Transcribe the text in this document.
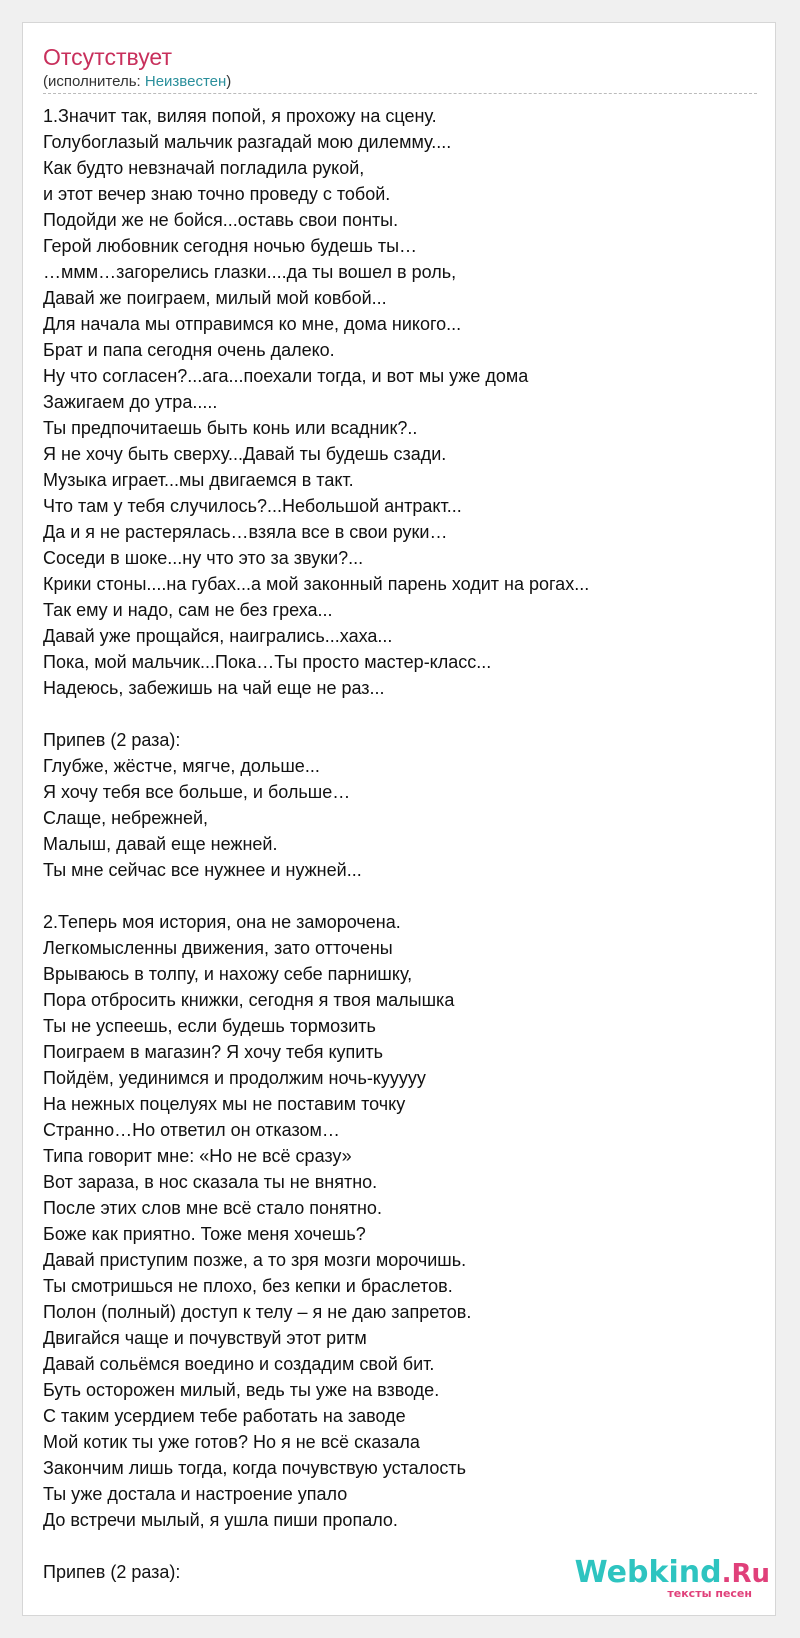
Отсутствует
(исполнитель: Неизвестен)
1.Значит так, виляя попой, я прохожу на сцену.
Голубоглазый мальчик разгадай мою дилемму....
Как будто невзначай погладила рукой,
и этот вечер знаю точно проведу с тобой.
Подойди же не бойся...оставь свои понты.
Герой любовник сегодня ночью будешь ты…
…ммм…загорелись глазки....да ты вошел в роль,
Давай же поиграем, милый мой ковбой...
Для начала мы отправимся ко мне, дома никого...
Брат и папа сегодня очень далеко.
Ну что согласен?...ага...поехали тогда, и вот мы уже дома
Зажигаем до утра.....
Ты предпочитаешь быть конь или всадник?..
Я не хочу быть сверху...Давай ты будешь сзади.
Музыка играет...мы двигаемся в такт.
Что там у тебя случилось?...Небольшой антракт...
Да и я не растерялась…взяла все в свои руки…
Соседи в шоке...ну что это за звуки?...
Крики стоны....на губах...а мой законный парень ходит на рогах...
Так ему и надо, сам не без греха...
Давай уже прощайся, наигрались...хаха...
Пока, мой мальчик...Пока…Ты просто мастер-класс...
Надеюсь, забежишь на чай еще не раз...
Припев (2 раза):
Глубже, жёстче, мягче, дольше...
Я хочу тебя все больше, и больше…
Слаще, небрежней,
Малыш, давай еще нежней.
Ты мне сейчас все нужнее и нужней...
2.Теперь моя история, она не заморочена.
Легкомысленны движения, зато отточены
Врываюсь в толпу, и нахожу себе парнишку,
Пора отбросить книжки, сегодня я твоя малышка
Ты не успеешь, если будешь тормозить
Поиграем в магазин? Я хочу тебя купить
Пойдём, уединимся и продолжим ночь-кууууу
На нежных поцелуях мы не поставим точку
Странно…Но ответил он отказом…
Типа говорит мне: «Но не всё сразу»
Вот зараза, в нос сказала ты не внятно.
После этих слов мне всё стало понятно.
Боже как приятно. Тоже меня хочешь?
Давай приступим позже, а то зря мозги морочишь.
Ты смотришься не плохо, без кепки и браслетов.
Полон (полный) доступ к телу – я не даю запретов.
Двигайся чаще и почувствуй этот ритм
Давай сольёмся воедино и создадим свой бит.
Буть осторожен милый, ведь ты уже на взводе.
С таким усердием тебе работать на заводе
Мой котик ты уже готов? Но я не всё сказала
Закончим лишь тогда, когда почувствую усталость
Ты уже достала и настроение упало
До встречи мылый, я ушла пиши пропало.
Припев (2 раза):	Webkind.Ru
тексты песен
